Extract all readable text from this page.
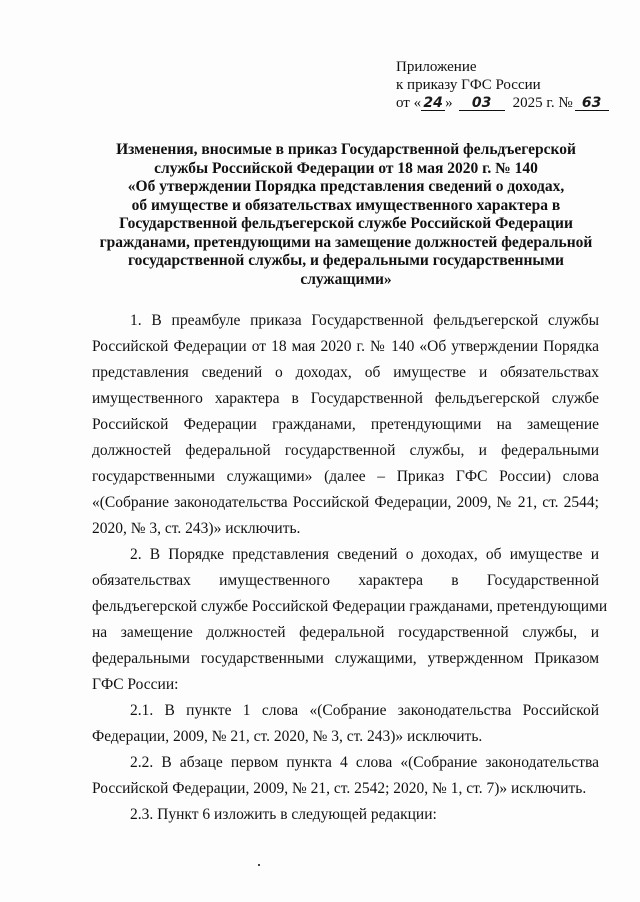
Приложение
к приказу ГФС России
от « 24 »	03	2025 г. № 63
Изменения, вносимые в приказ Государственной фельдъегерской
службы Российской Федерации от 18 мая 2020 г. № 140
«Об утверждении Порядка представления сведений о доходах,
об имуществе и обязательствах имущественного характера в
Государственной фельдъегерской службе Российской Федерации
гражданами, претендующими на замещение должностей федеральной
государственной службы, и федеральными государственными
служащими»
1. В преамбуле приказа Государственной фельдъегерской службы
Российской Федерации от 18 мая 2020 г. № 140 «Об утверждении Порядка
представления сведений о доходах, об имуществе и обязательствах
имущественного характера в Государственной фельдъегерской службе
Российской Федерации гражданами, претендующими на замещение
должностей федеральной государственной службы, и федеральными
государственными служащими» (далее – Приказ ГФС России) слова
«(Собрание законодательства Российской Федерации, 2009, № 21, ст. 2544;
2020, № 3, ст. 243)» исключить.
2. В Порядке представления сведений о доходах, об имуществе и
обязательствах имущественного характера в Государственной
фельдъегерской службе Российской Федерации гражданами, претендующими
на замещение должностей федеральной государственной службы, и
федеральными государственными служащими, утвержденном Приказом
ГФС России:
2.1. В пункте 1 слова «(Собрание законодательства Российской
Федерации, 2009, № 21, ст. 2020, № 3, ст. 243)» исключить.
2.2. В абзаце первом пункта 4 слова «(Собрание законодательства
Российской Федерации, 2009, № 21, ст. 2542; 2020, № 1, ст. 7)» исключить.
2.3. Пункт 6 изложить в следующей редакции:
